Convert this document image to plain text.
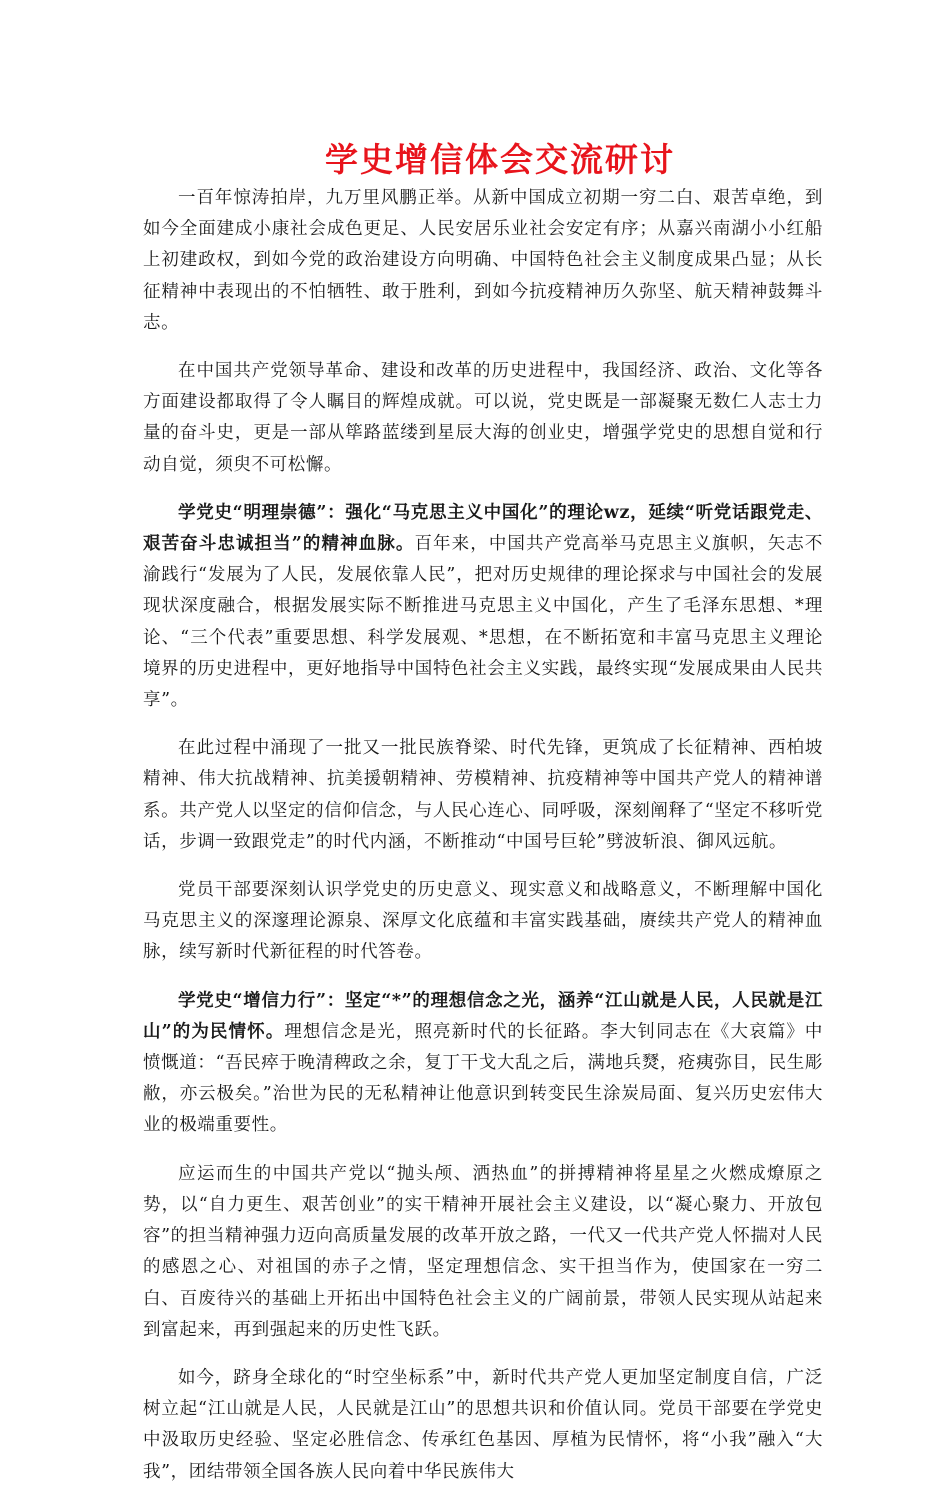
学史增信体会交流研讨

一百年惊涛拍岸，九万里风鹏正举。从新中国成立初期一穷二白、艰苦卓绝，到如今全面建成小康社会成色更足、人民安居乐业社会安定有序；从嘉兴南湖小小红船上初建政权，到如今党的政治建设方向明确、中国特色社会主义制度成果凸显；从长征精神中表现出的不怕牺牲、敢于胜利，到如今抗疫精神历久弥坚、航天精神鼓舞斗志。

在中国共产党领导革命、建设和改革的历史进程中，我国经济、政治、文化等各方面建设都取得了令人瞩目的辉煌成就。可以说，党史既是一部凝聚无数仁人志士力量的奋斗史，更是一部从筚路蓝缕到星辰大海的创业史，增强学党史的思想自觉和行动自觉，须臾不可松懈。

学党史“明理崇德”：强化“马克思主义中国化”的理论wz，延续“听党话跟党走、艰苦奋斗忠诚担当”的精神血脉。百年来，中国共产党高举马克思主义旗帜，矢志不渝践行“发展为了人民，发展依靠人民”，把对历史规律的理论探求与中国社会的发展现状深度融合，根据发展实际不断推进马克思主义中国化，产生了毛泽东思想、*理论、“三个代表”重要思想、科学发展观、*思想，在不断拓宽和丰富马克思主义理论境界的历史进程中，更好地指导中国特色社会主义实践，最终实现“发展成果由人民共享”。

在此过程中涌现了一批又一批民族脊梁、时代先锋，更筑成了长征精神、西柏坡精神、伟大抗战精神、抗美援朝精神、劳模精神、抗疫精神等中国共产党人的精神谱系。共产党人以坚定的信仰信念，与人民心连心、同呼吸，深刻阐释了“坚定不移听党话，步调一致跟党走”的时代内涵，不断推动“中国号巨轮”劈波斩浪、御风远航。

党员干部要深刻认识学党史的历史意义、现实意义和战略意义，不断理解中国化马克思主义的深邃理论源泉、深厚文化底蕴和丰富实践基础，赓续共产党人的精神血脉，续写新时代新征程的时代答卷。

学党史“增信力行”：坚定“*”的理想信念之光，涵养“江山就是人民，人民就是江山”的为民情怀。理想信念是光，照亮新时代的长征路。李大钊同志在《大哀篇》中愤慨道：“吾民瘁于晚清稗政之余，复丁干戈大乱之后，满地兵燹，疮痍弥目，民生彫敝，亦云极矣。”治世为民的无私精神让他意识到转变民生涂炭局面、复兴历史宏伟大业的极端重要性。

应运而生的中国共产党以“抛头颅、洒热血”的拼搏精神将星星之火燃成燎原之势，以“自力更生、艰苦创业”的实干精神开展社会主义建设，以“凝心聚力、开放包容”的担当精神强力迈向高质量发展的改革开放之路，一代又一代共产党人怀揣对人民的感恩之心、对祖国的赤子之情，坚定理想信念、实干担当作为，使国家在一穷二白、百废待兴的基础上开拓出中国特色社会主义的广阔前景，带领人民实现从站起来到富起来，再到强起来的历史性飞跃。

如今，跻身全球化的“时空坐标系”中，新时代共产党人更加坚定制度自信，广泛树立起“江山就是人民，人民就是江山”的思想共识和价值认同。党员干部要在学党史中汲取历史经验、坚定必胜信念、传承红色基因、厚植为民情怀，将“小我”融入“大我”，团结带领全国各族人民向着中华民族伟大
